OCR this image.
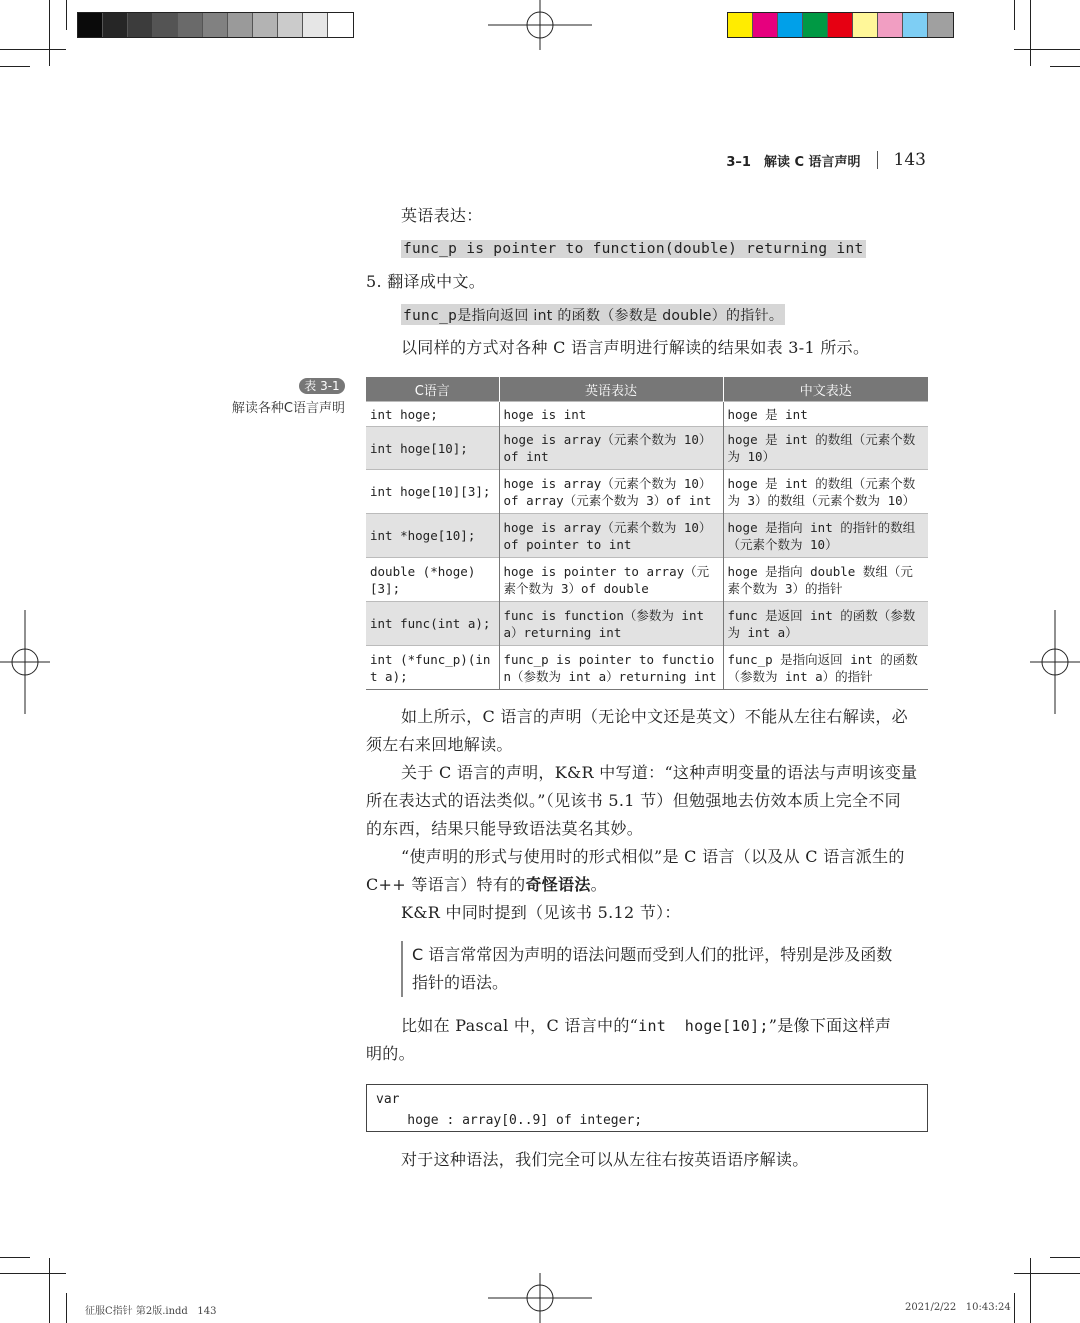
3–1　解读 C 语言声明 143
英语表达：
func_p is pointer to function(double) returning int
5. 翻译成中文。
func_p是指向返回 int 的函数（参数是 double）的指针。
以同样的方式对各种 C 语言声明进行解读的结果如表 3-1 所示。
表 3-1
解读各种C语言声明
C语言	英语表达	中文表达
int hoge;	hoge is int	hoge 是 int
int hoge[10];	hoge is array（元素个数为 10）of int	hoge 是 int 的数组（元素个数为 10）
int hoge[10][3];	hoge is array（元素个数为 10）of array（元素个数为 3）of int	hoge 是 int 的数组（元素个数为 3）的数组（元素个数为 10）
int *hoge[10];	hoge is array（元素个数为 10）of pointer to int	hoge 是指向 int 的指针的数组（元素个数为 10）
double (*hoge)[3];	hoge is pointer to array（元素个数为 3）of double	hoge 是指向 double 数组（元素个数为 3）的指针
int func(int a);	func is function（参数为 int a）returning int	func 是返回 int 的函数（参数为 int a）
int (*func_p)(int a);	func_p is pointer to function（参数为 int a）returning int	func_p 是指向返回 int 的函数（参数为 int a）的指针
如上所示，C 语言的声明（无论中文还是英文）不能从左往右解读，必
须左右来回地解读。
关于 C 语言的声明，K&R 中写道：“这种声明变量的语法与声明该变量
所在表达式的语法类似。”（见该书 5.1 节）但勉强地去仿效本质上完全不同
的东西，结果只能导致语法莫名其妙。
“使声明的形式与使用时的形式相似”是 C 语言（以及从 C 语言派生的
C++ 等语言）特有的奇怪语法。
K&R 中同时提到（见该书 5.12 节）：
C 语言常常因为声明的语法问题而受到人们的批评，特别是涉及函数
指针的语法。
比如在 Pascal 中，C 语言中的“int  hoge[10];”是像下面这样声
明的。
var
hoge : array[0..9] of integer;
对于这种语法，我们完全可以从左往右按英语语序解读。
征服C指针 第2版.indd   143	2021/2/22   10:43:24
